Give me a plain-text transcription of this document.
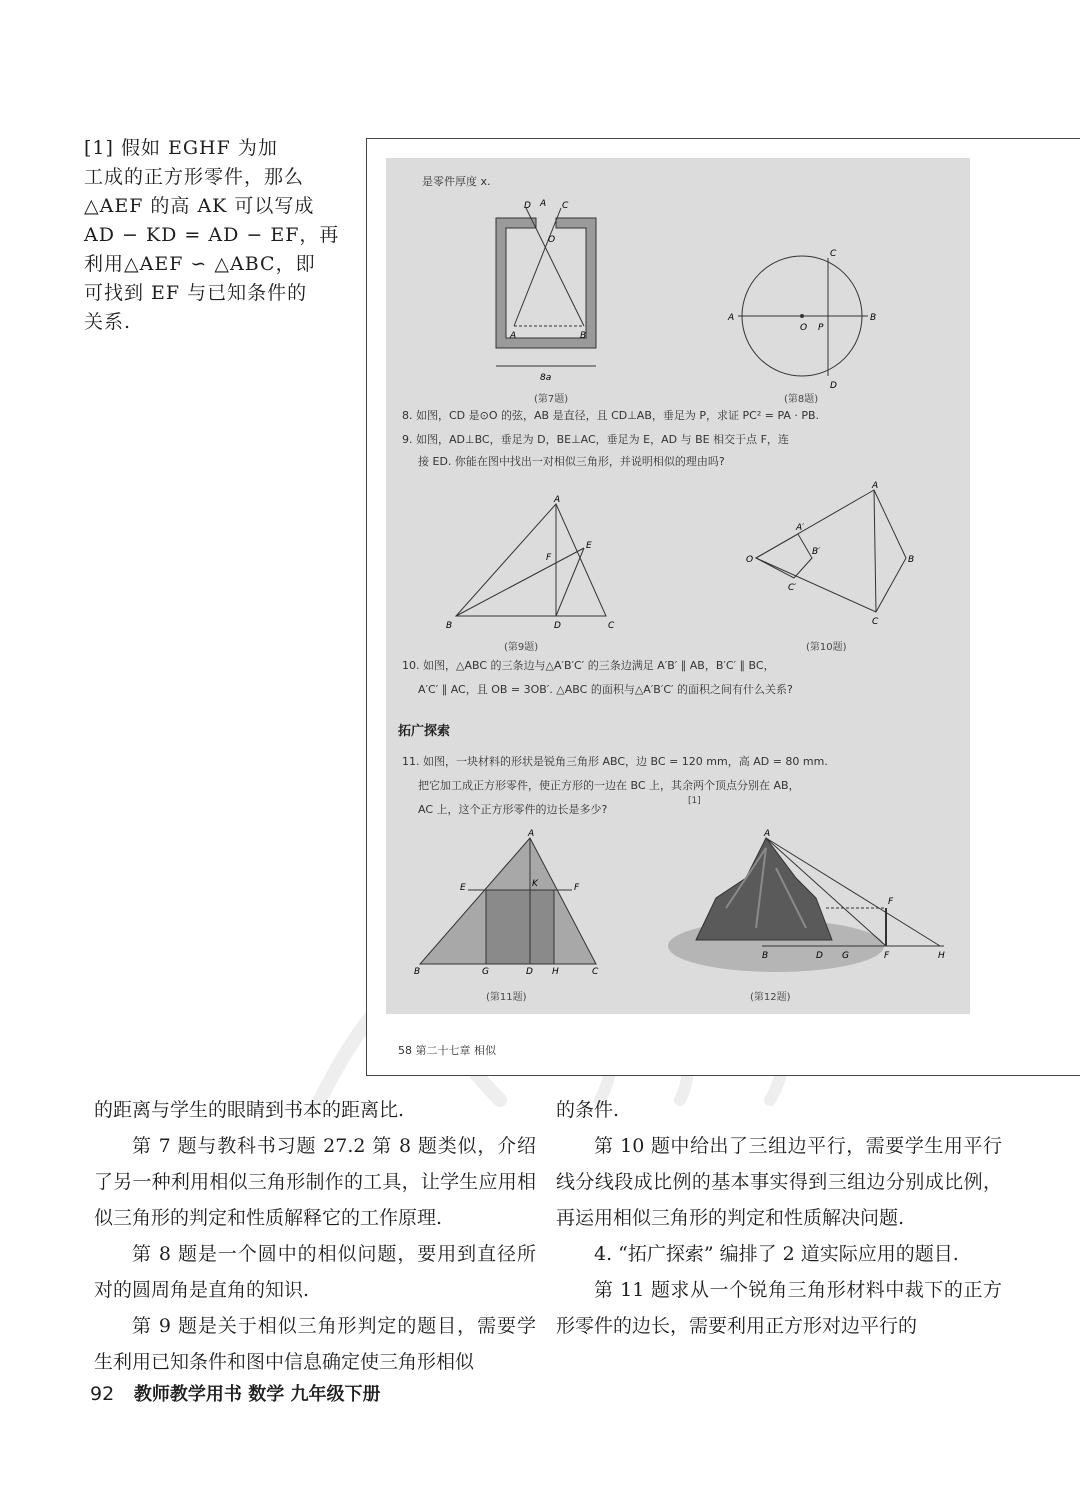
[1] 假如 EGHF 为加

工成的正方形零件，那么

△AEF 的高 AK 可以写成

AD − KD = AD − EF，再

利用△AEF ∽ △ABC，即

可找到 EF 与已知条件的

关系.

是零件厚度 x.
D A C
O
A	B
8a
(第7题)
A	B
O P
C
D
(第8题)
8. 如图，CD 是⊙O 的弦，AB 是直径，且 CD⊥AB，垂足为 P，求证 PC² = PA · PB.
9. 如图，AD⊥BC，垂足为 D，BE⊥AC，垂足为 E，AD 与 BE 相交于点 F，连
接 ED. 你能在图中找出一对相似三角形，并说明相似的理由吗?
A
E
F
B	D	C
(第9题)
A
O	B
C
A′
B′
C′
(第10题)
10. 如图，△ABC 的三条边与△A′B′C′ 的三条边满足 A′B′ ∥ AB，B′C′ ∥ BC，
A′C′ ∥ AC，且 OB = 3OB′. △ABC 的面积与△A′B′C′ 的面积之间有什么关系?
拓广探索
11. 如图，一块材料的形状是锐角三角形 ABC，边 BC = 120 mm，高 AD = 80 mm.
把它加工成正方形零件，使正方形的一边在 BC 上，其余两个顶点分别在 AB，
AC 上，这个正方形零件的边长是多少?
[1]
A
E	K	F
B	G	D H	C
(第11题)
A
F
B	D G	F	H
(第12题)
58 第二十七章 相似

的距离与学生的眼睛到书本的距离比.

第 7 题与教科书习题 27.2 第 8 题类似，介绍了另一种利用相似三角形制作的工具，让学生应用相似三角形的判定和性质解释它的工作原理.

第 8 题是一个圆中的相似问题，要用到直径所对的圆周角是直角的知识.

第 9 题是关于相似三角形判定的题目，需要学生利用已知条件和图中信息确定使三角形相似

的条件.

第 10 题中给出了三组边平行，需要学生用平行线分线段成比例的基本事实得到三组边分别成比例，再运用相似三角形的判定和性质解决问题.

4. “拓广探索” 编排了 2 道实际应用的题目.

第 11 题求从一个锐角三角形材料中裁下的正方形零件的边长，需要利用正方形对边平行的

92 教师教学用书 数学 九年级下册
